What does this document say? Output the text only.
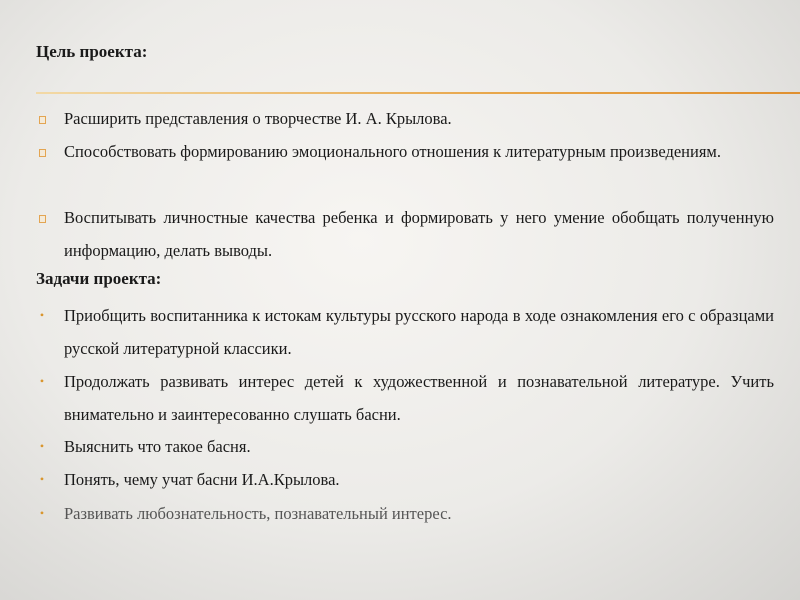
Цель проекта:
Расширить представления о творчестве И. А. Крылова.
Способствовать формированию эмоционального отношения к литературным произведениям.
Воспитывать личностные качества ребенка и формировать у него умение обобщать полученную информацию, делать выводы.
Задачи проекта:
• Приобщить воспитанника к истокам культуры русского народа в ходе ознакомления его с образцами русской литературной классики.
• Продолжать развивать интерес детей к художественной и познавательной литературе. Учить внимательно и заинтересованно слушать басни.
• Выяснить что такое басня.
• Понять, чему учат басни И.А.Крылова.
• Развивать любознательность, познавательный интерес.
